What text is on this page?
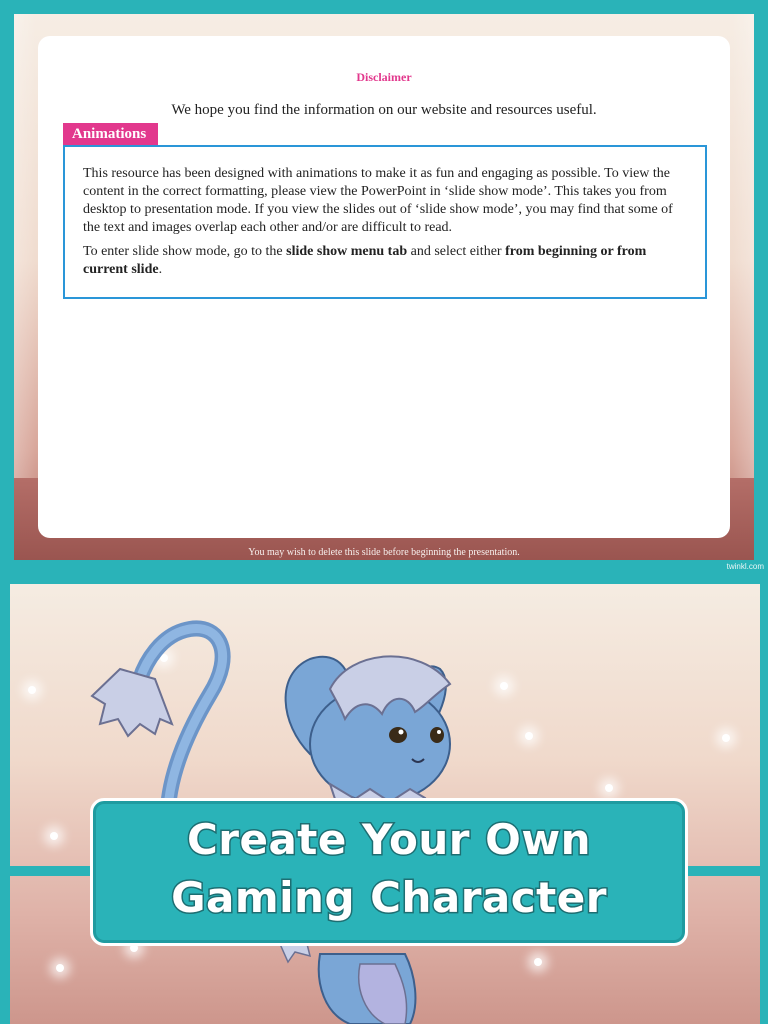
Disclaimer
We hope you find the information on our website and resources useful.
Animations

This resource has been designed with animations to make it as fun and engaging as possible. To view the content in the correct formatting, please view the PowerPoint in ‘slide show mode’. This takes you from desktop to presentation mode. If you view the slides out of ‘slide show mode’, you may find that some of the text and images overlap each other and/or are difficult to read.

To enter slide show mode, go to the slide show menu tab and select either from beginning or from current slide.

You may wish to delete this slide before beginning the presentation.
twinkl.com
Create Your Own
Gaming Character
